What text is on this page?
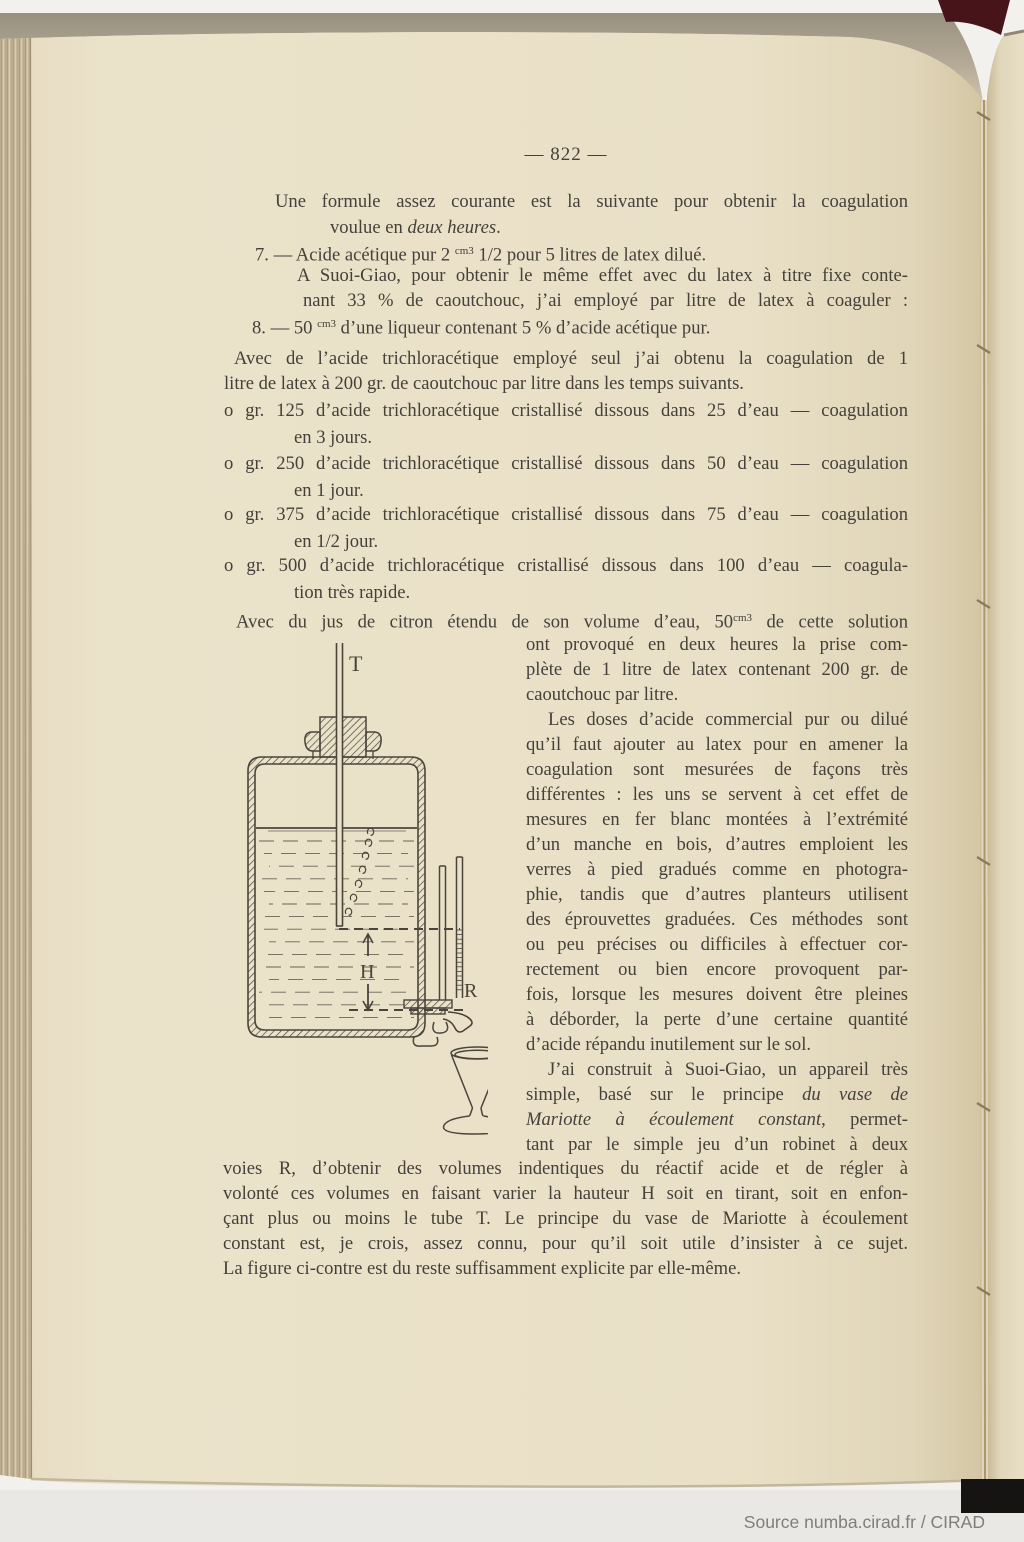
— 822 —
Une formule assez courante est la suivante pour obtenir la coagulation
voulue en deux heures.
7. — Acide acétique pur 2 $^{cm3}$ 1/2 pour 5 litres de latex dilué.
A Suoi-Giao, pour obtenir le même effet avec du latex à titre fixe conte-
nant 33 % de caoutchouc, j’ai employé par litre de latex à coaguler :
8. — 50 $^{cm3}$ d’une liqueur contenant 5 % d’acide acétique pur.
Avec de l’acide trichloracétique employé seul j’ai obtenu la coagulation de 1
litre de latex à 200 gr. de caoutchouc par litre dans les temps suivants.
o gr. 125 d’acide trichloracétique cristallisé dissous dans 25 d’eau — coagulation
en 3 jours.
o gr. 250 d’acide trichloracétique cristallisé dissous dans 50 d’eau — coagulation
en 1 jour.
o gr. 375 d’acide trichloracétique cristallisé dissous dans 75 d’eau — coagulation
en 1/2 jour.
o gr. 500 d’acide trichloracétique cristallisé dissous dans 100 d’eau — coagula-
tion très rapide.
Avec du jus de citron étendu de son volume d’eau, $50^{cm3}$ de cette solution
ont provoqué en deux heures la prise com-
plète de 1 litre de latex contenant 200 gr. de
caoutchouc par litre.
Les doses d’acide commercial pur ou dilué
qu’il faut ajouter au latex pour en amener la
coagulation sont mesurées de façons très
différentes : les uns se servent à cet effet de
mesures en fer blanc montées à l’extrémité
d’un manche en bois, d’autres emploient les
verres à pied gradués comme en photogra-
phie, tandis que d’autres planteurs utilisent
des éprouvettes graduées. Ces méthodes sont
ou peu précises ou difficiles à effectuer cor-
rectement ou bien encore provoquent par-
fois, lorsque les mesures doivent être pleines
à déborder, la perte d’une certaine quantité
d’acide répandu inutilement sur le sol.
J’ai construit à Suoi-Giao, un appareil très
simple, basé sur le principe du vase de
Mariotte à écoulement constant, permet-
tant par le simple jeu d’un robinet à deux
voies R, d’obtenir des volumes indentiques du réactif acide et de régler à
volonté ces volumes en faisant varier la hauteur H soit en tirant, soit en enfon-
çant plus ou moins le tube T. Le principe du vase de Mariotte à écoulement
constant est, je crois, assez connu, pour qu’il soit utile d’insister à ce sujet.
La figure ci-contre est du reste suffisamment explicite par elle-même.
T
H
R
Source numba.cirad.fr / CIRAD
